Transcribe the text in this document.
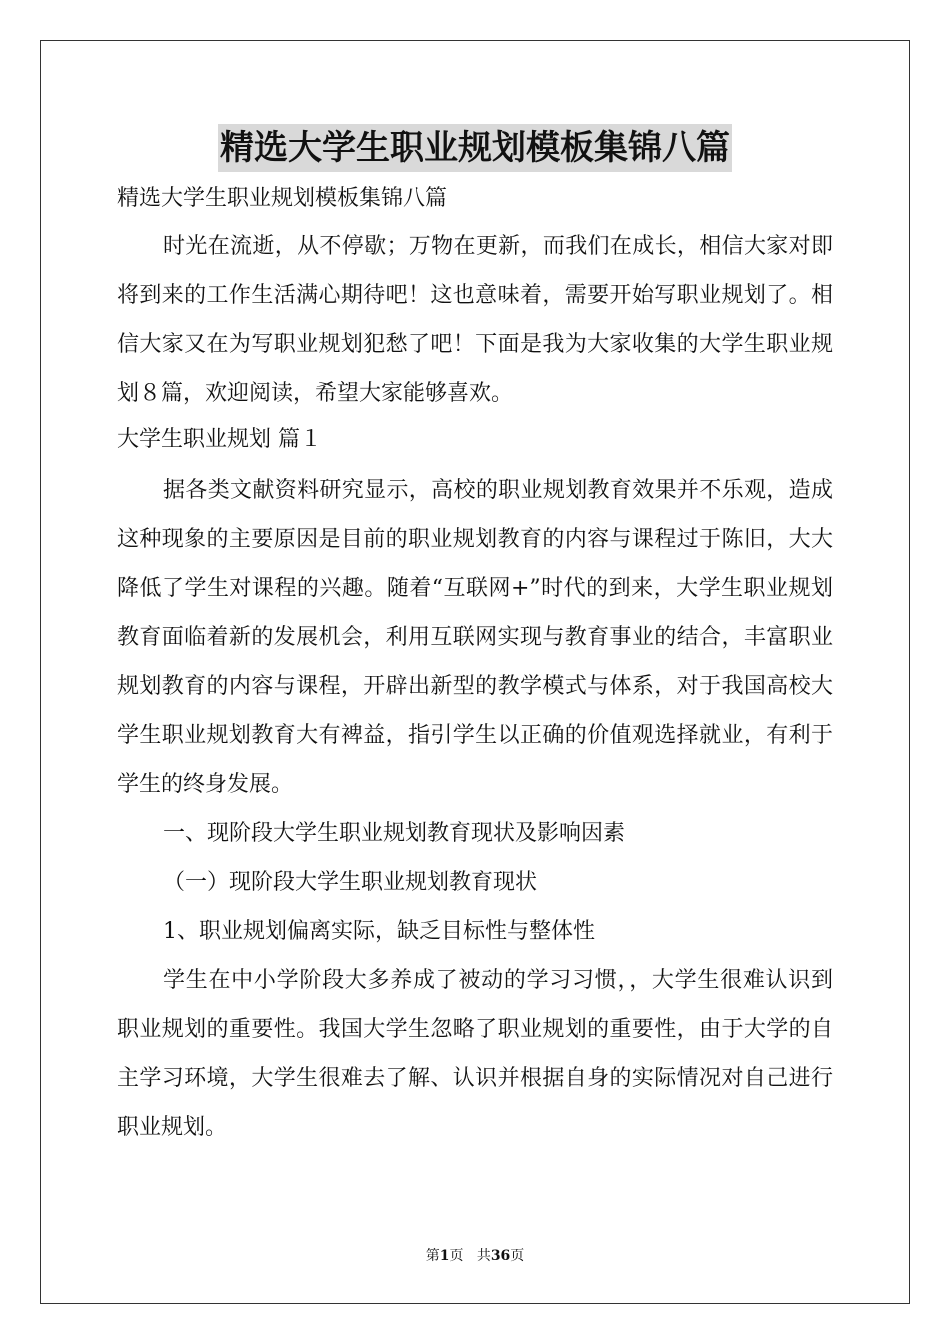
精选大学生职业规划模板集锦八篇
精选大学生职业规划模板集锦八篇

时光在流逝，从不停歇；万物在更新，而我们在成长，相信大家对即将到来的工作生活满心期待吧！这也意味着，需要开始写职业规划了。相信大家又在为写职业规划犯愁了吧！下面是我为大家收集的大学生职业规划８篇，欢迎阅读，希望大家能够喜欢。

大学生职业规划 篇１

据各类文献资料研究显示，高校的职业规划教育效果并不乐观，造成这种现象的主要原因是目前的职业规划教育的内容与课程过于陈旧，大大降低了学生对课程的兴趣。随着“互联网+”时代的到来，大学生职业规划教育面临着新的发展机会，利用互联网实现与教育事业的结合，丰富职业规划教育的内容与课程，开辟出新型的教学模式与体系，对于我国高校大学生职业规划教育大有裨益，指引学生以正确的价值观选择就业，有利于学生的终身发展。

一、现阶段大学生职业规划教育现状及影响因素

（一）现阶段大学生职业规划教育现状

1、职业规划偏离实际，缺乏目标性与整体性

学生在中小学阶段大多养成了被动的学习习惯，，大学生很难认识到职业规划的重要性。我国大学生忽略了职业规划的重要性，由于大学的自主学习环境，大学生很难去了解、认识并根据自身的实际情况对自己进行职业规划。

第1页 共36页
